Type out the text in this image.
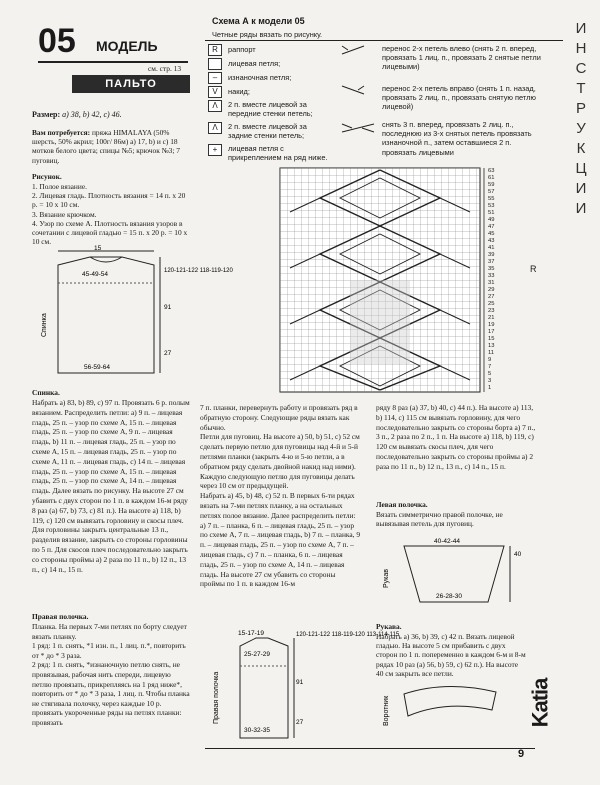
05 МОДЕЛЬ
см. стр. 13
ПАЛЬТО
Размер: a) 38, b) 42, c) 46.
Вам потребуется: пряжа HIMALAYA (50% шерсть, 50% акрил; 100г/ 86м) а) 17, b) и c) 18 мотков белого цвета; спицы №5; крючок №3; 7 пуговиц.
Рисунок.
1. Полое вязание.
2. Лицевая гладь. Плотность вязания = 14 п. х 20 р. = 10 х 10 см.
3. Вязание крючком.
4. Узор по схеме А. Плотность вязания узоров в сочетании с лицевой гладью = 15 п. х 20 р. = 10 х 10 см.
15
45-49-54	120-121-122 118-119-120
91
27
56-59-64
Спинка
Спинка.
Набрать а) 83, b) 89, c) 97 п. Провязать 6 р. полым вязанием. Распределить петли: а) 9 п. – лицевая гладь, 25 п. – узор по схеме А, 15 п. – лицевая гладь, 25 п. – узор по схеме А, 9 п. – лицевая гладь, b) 11 п. – лицевая гладь, 25 п. – узор по схеме А, 15 п. – лицевая гладь, 25 п. – узор по схеме А, 11 п. – лицевая гладь, c) 14 п. – лицевая гладь, 25 п. – узор по схеме А, 15 п. – лицевая гладь, 25 п. – узор по схеме А, 14 п. – лицевая гладь. Далее вязать по рисунку. На высоте 27 см убавить с двух сторон по 1 п. в каждом 16-м ряду 8 раз (а) 67, b) 73, c) 81 п.). На высоте а) 118, b) 119, c) 120 см вывязать горловину и скосы плеч. Для горловины закрыть центральные 13 п., разделив вязание, закрыть со стороны горловины по 5 п. Для скосов плеч последовательно закрыть со стороны проймы а) 2 раза по 11 п., b) 12 п., 13 п., c) 14 п., 15 п.
Правая полочка.
Планка. На первых 7-ми петлях по борту следует вязать планку.
1 ряд: 1 п. снять, *1 изн. п., 1 лиц. п.*, повторить от * до * 3 раза.
2 ряд: 1 п. снять, *изнаночную петлю снять, не провязывая, рабочая нить спереди, лицевую петлю провязать, прикрепляясь на 1 ряд ниже*, повторить от * до * 3 раза, 1 лиц. п. Чтобы планка не стягивала полочку, через каждые 10 р. провязать укороченные ряды на петлях планки: провязать
Схема А к модели 05
Четные ряды вязать по рисунку.
R	раппорт
лицевая петля;
–	изнаночная петля;
V	накид;
Λ	2 п. вместе лицевой за передние стенки петель;
Λ	2 п. вместе лицевой за задние стенки петель;
+	лицевая петля с прикреплением на ряд ниже.
перенос 2-х петель влево (снять 2 п. вперед, провязать 1 лиц. п., провязать 2 снятые петли лицевыми)
перенос 2-х петель вправо (снять 1 п. назад, провязать 2 лиц. п., провязать снятую петлю лицевой)
снять 3 п. вперед, провязать 2 лиц. п., последнюю из 3-х снятых петель провязать изнаночной п., затем оставшиеся 2 п. провязать лицевыми
63
61
59
57
55
53
51
49
47
45
43
41
39
37
35
33
31
29
27
25
23
21
19
17
15
13
11
9
7
5
3
1
R
7 п. планки, перевернуть работу и провязать ряд в обратную сторону. Следующие ряды вязать как обычно.
Петли для пуговиц. На высоте а) 50, b) 51, c) 52 см сделать первую петлю для пуговицы над 4-й и 5-й петлями планки (закрыть 4-ю и 5-ю петли, а в обратном ряду сделать двойной накид над ними). Каждую следующую петлю для пуговицы делать через 10 см от предыдущей.
Набрать а) 45, b) 48, c) 52 п. В первых 6-ти рядах вязать на 7-ми петлях планку, а на остальных петлях полое вязание. Далее распределить петли: а) 7 п. – планка, 6 п. – лицевая гладь, 25 п. – узор по схеме А, 7 п. – лицевая гладь, b) 7 п. – планка, 9 п. – лицевая гладь, 25 п. – узор по схеме А, 7 п. – лицевая гладь, c) 7 п. – планка, 6 п. – лицевая гладь, 25 п. – узор по схеме А, 14 п. – лицевая гладь. На высоте 27 см убавить со стороны проймы по 1 п. в каждом 16-м
15-17-19
25-27-29
120-121-122 118-119-120 113-114-115
91
27
30-32-35
Правая полочка
ряду 8 раз (а) 37, b) 40, c) 44 п.). На высоте а) 113, b) 114, c) 115 см вывязать горловину, для чего последовательно закрыть со стороны борта а) 7 п., 3 п., 2 раза по 2 п., 1 п. На высоте а) 118, b) 119, c) 120 см вывязать скосы плеч, для чего последовательно закрыть со стороны проймы а) 2 раза по 11 п., b) 12 п., 13 п., c) 14 п., 15 п.
Левая полочка.
Вязать симметрично правой полочке, не вывязывая петель для пуговиц.
40-42-44
40
26-28-30
Рукав
Рукава.
Набрать а) 36, b) 39, c) 42 п. Вязать лицевой гладью. На высоте 5 см прибавить с двух сторон по 1 п. попеременно в каждом 6-м и 8-м рядах 10 раз (а) 56, b) 59, c) 62 п.). На высоте 40 см закрыть все петли.
Воротник	Katia
И
Н
С
Т
Р
У
К
Ц
И
И
9
